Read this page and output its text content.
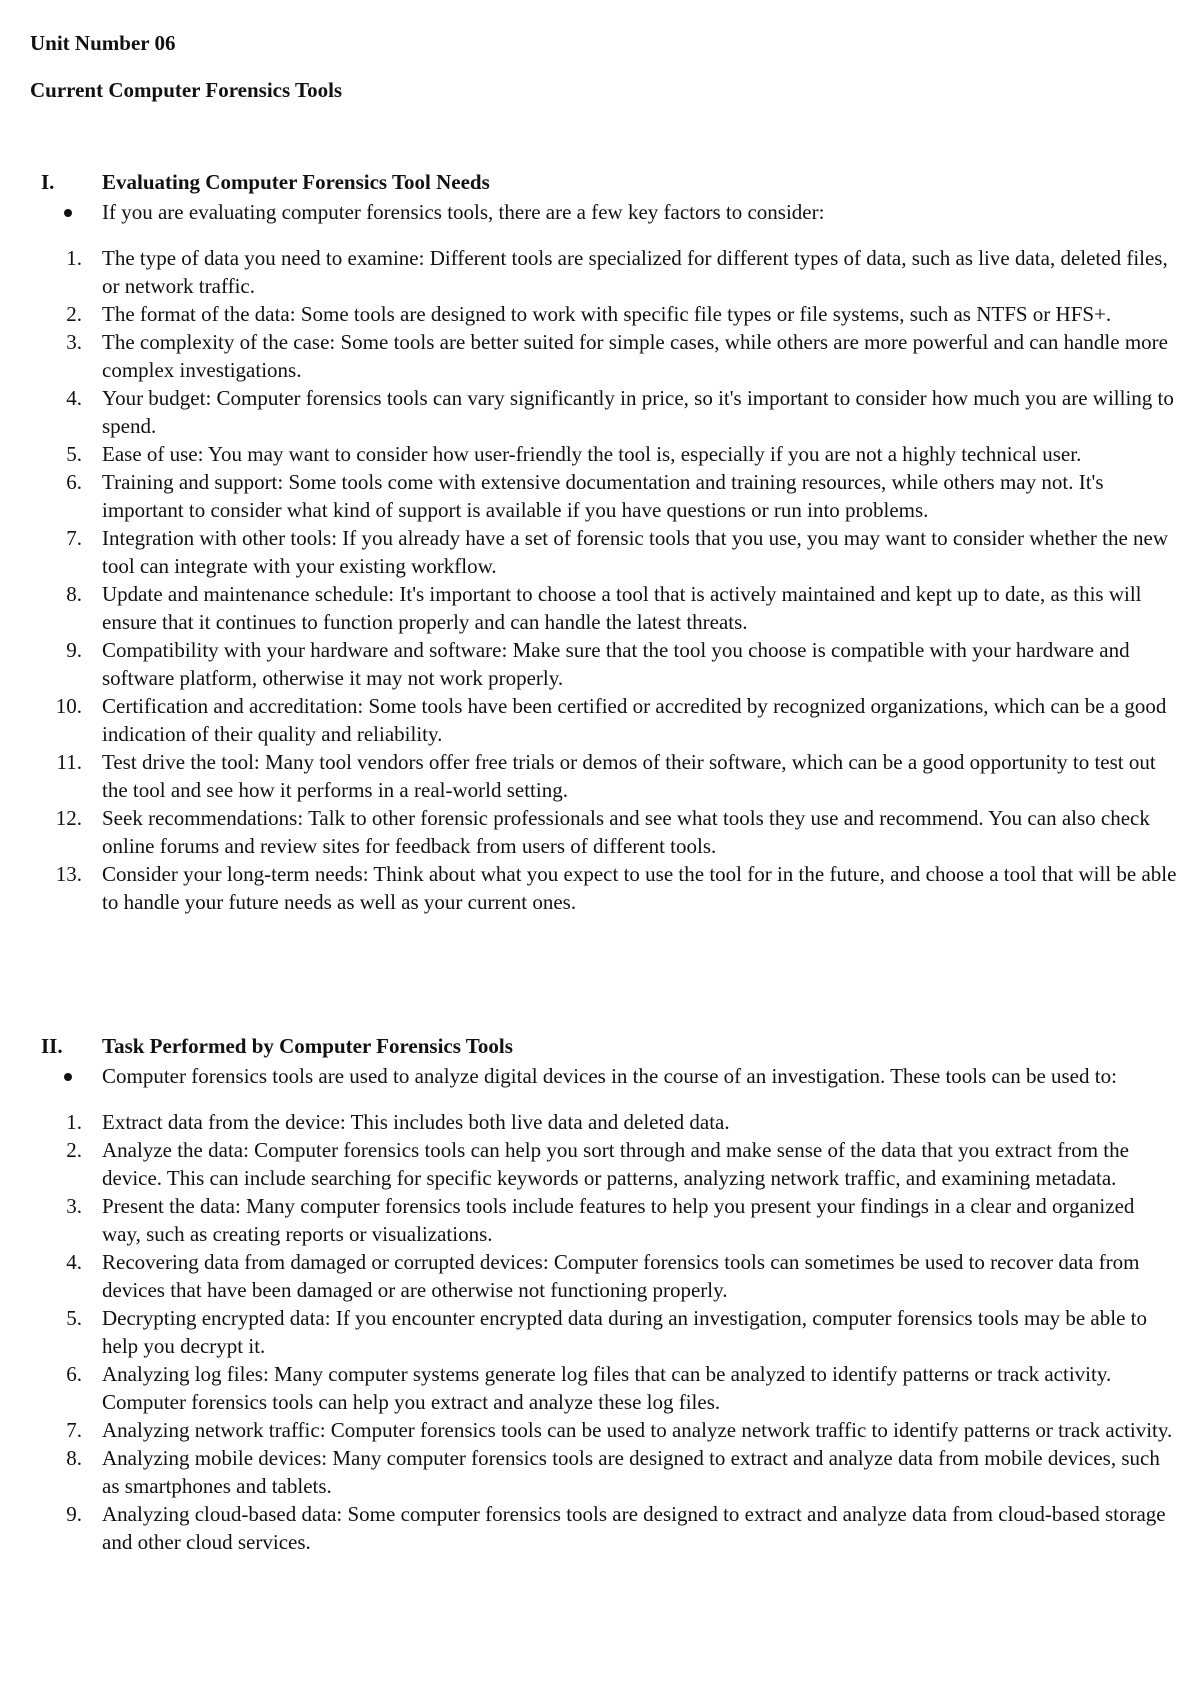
Unit Number 06
Current Computer Forensics Tools
I. Evaluating Computer Forensics Tool Needs
If you are evaluating computer forensics tools, there are a few key factors to consider:
1. The type of data you need to examine: Different tools are specialized for different types of data, such as live data, deleted files, or network traffic.
2. The format of the data: Some tools are designed to work with specific file types or file systems, such as NTFS or HFS+.
3. The complexity of the case: Some tools are better suited for simple cases, while others are more powerful and can handle more complex investigations.
4. Your budget: Computer forensics tools can vary significantly in price, so it's important to consider how much you are willing to spend.
5. Ease of use: You may want to consider how user-friendly the tool is, especially if you are not a highly technical user.
6. Training and support: Some tools come with extensive documentation and training resources, while others may not. It's important to consider what kind of support is available if you have questions or run into problems.
7. Integration with other tools: If you already have a set of forensic tools that you use, you may want to consider whether the new tool can integrate with your existing workflow.
8. Update and maintenance schedule: It's important to choose a tool that is actively maintained and kept up to date, as this will ensure that it continues to function properly and can handle the latest threats.
9. Compatibility with your hardware and software: Make sure that the tool you choose is compatible with your hardware and software platform, otherwise it may not work properly.
10. Certification and accreditation: Some tools have been certified or accredited by recognized organizations, which can be a good indication of their quality and reliability.
11. Test drive the tool: Many tool vendors offer free trials or demos of their software, which can be a good opportunity to test out the tool and see how it performs in a real-world setting.
12. Seek recommendations: Talk to other forensic professionals and see what tools they use and recommend. You can also check online forums and review sites for feedback from users of different tools.
13. Consider your long-term needs: Think about what you expect to use the tool for in the future, and choose a tool that will be able to handle your future needs as well as your current ones.
II. Task Performed by Computer Forensics Tools
Computer forensics tools are used to analyze digital devices in the course of an investigation. These tools can be used to:
1. Extract data from the device: This includes both live data and deleted data.
2. Analyze the data: Computer forensics tools can help you sort through and make sense of the data that you extract from the device. This can include searching for specific keywords or patterns, analyzing network traffic, and examining metadata.
3. Present the data: Many computer forensics tools include features to help you present your findings in a clear and organized way, such as creating reports or visualizations.
4. Recovering data from damaged or corrupted devices: Computer forensics tools can sometimes be used to recover data from devices that have been damaged or are otherwise not functioning properly.
5. Decrypting encrypted data: If you encounter encrypted data during an investigation, computer forensics tools may be able to help you decrypt it.
6. Analyzing log files: Many computer systems generate log files that can be analyzed to identify patterns or track activity. Computer forensics tools can help you extract and analyze these log files.
7. Analyzing network traffic: Computer forensics tools can be used to analyze network traffic to identify patterns or track activity.
8. Analyzing mobile devices: Many computer forensics tools are designed to extract and analyze data from mobile devices, such as smartphones and tablets.
9. Analyzing cloud-based data: Some computer forensics tools are designed to extract and analyze data from cloud-based storage and other cloud services.
